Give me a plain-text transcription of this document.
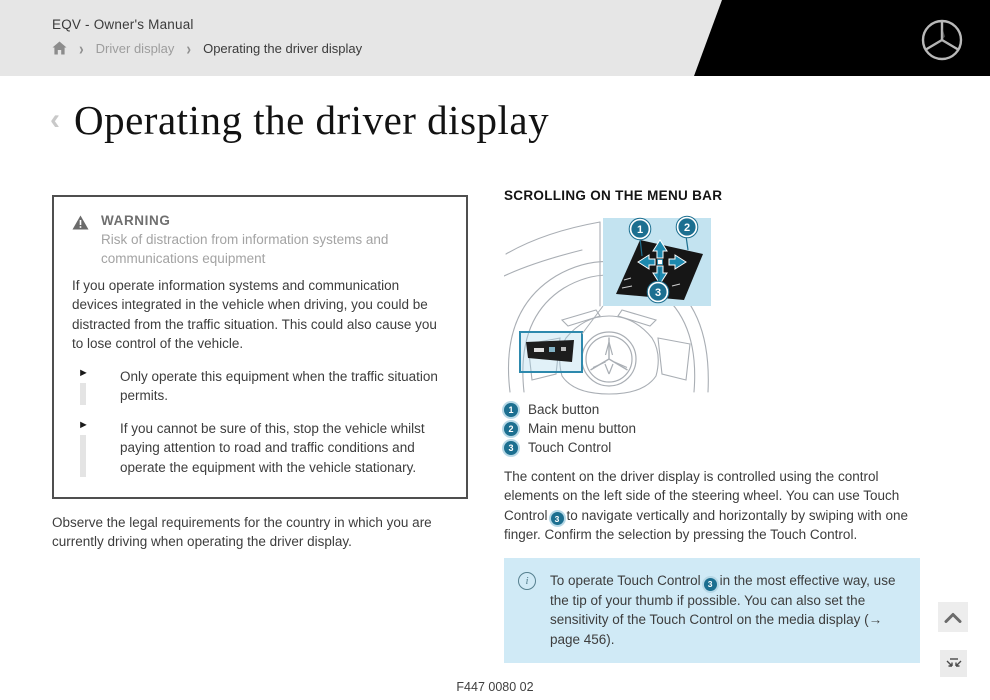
EQV - Owner's Manual
› Driver display › Operating the driver display
‹ Operating the driver display
WARNING
Risk of distraction from information systems and communications equipment
If you operate information systems and communication devices integrated in the vehicle when driving, you could be distracted from the traffic situation. This could also cause you to lose control of the vehicle.
► Only operate this equipment when the traffic situation permits.
► If you cannot be sure of this, stop the vehicle whilst paying attention to road and traffic conditions and operate the equipment with the vehicle stationary.

Observe the legal requirements for the country in which you are currently driving when operating the driver display.

SCROLLING ON THE MENU BAR
1	2
3
1	Back button
2	Main menu button
3	Touch Control

The content on the driver display is controlled using the control elements on the left side of the steering wheel. You can use Touch Control 3 to navigate vertically and horizontally by swiping with one finger. Confirm the selection by pressing the Touch Control.

i	To operate Touch Control 3 in the most effective way, use the tip of your thumb if possible. You can also set the sensitivity of the Touch Control on the media display (→ page 456).

F447 0080 02
